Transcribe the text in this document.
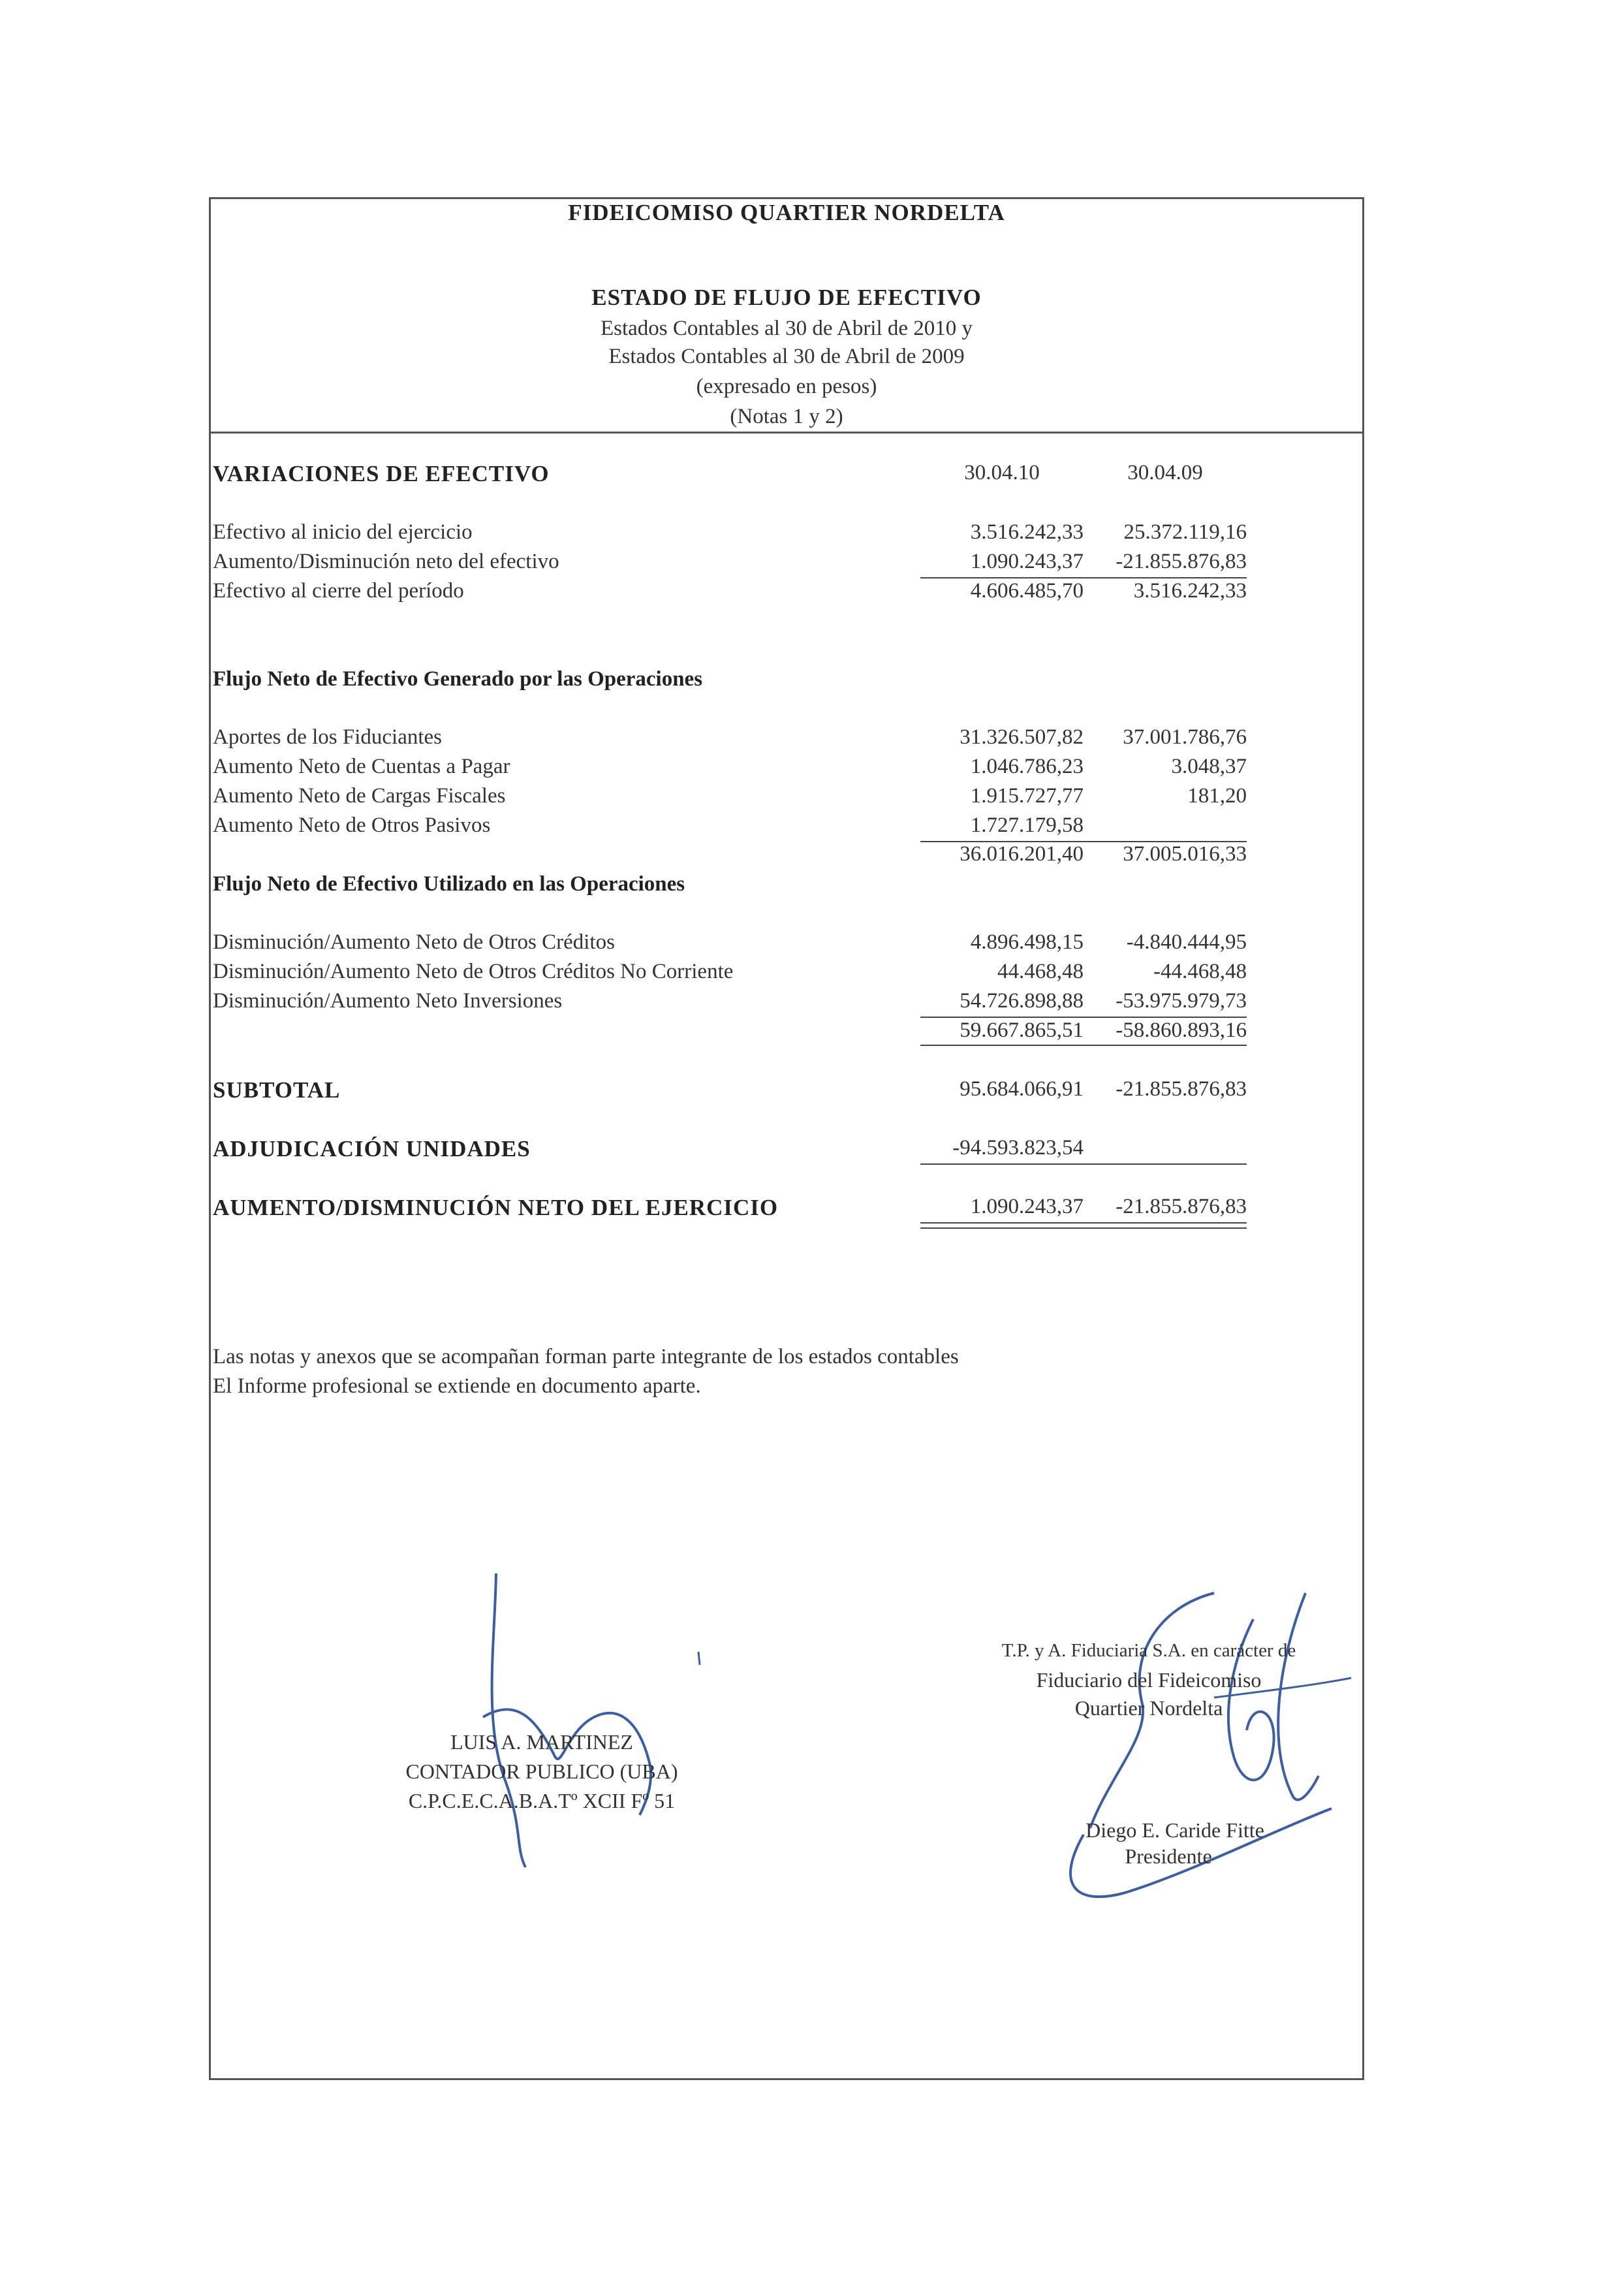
FIDEICOMISO QUARTIER NORDELTA
ESTADO DE FLUJO DE EFECTIVO
Estados Contables al 30 de Abril de 2010 y
Estados Contables al 30 de Abril de 2009
(expresado en pesos)
(Notas 1 y 2)
VARIACIONES DE EFECTIVO	30.04.10	30.04.09
Efectivo al inicio del ejercicio	3.516.242,33	25.372.119,16
Aumento/Disminución neto del efectivo	1.090.243,37	-21.855.876,83
Efectivo al cierre del período	4.606.485,70	3.516.242,33
Flujo Neto de Efectivo Generado por las Operaciones
Aportes de los Fiduciantes	31.326.507,82	37.001.786,76
Aumento Neto de Cuentas a Pagar	1.046.786,23	3.048,37
Aumento Neto de Cargas Fiscales	1.915.727,77	181,20
Aumento Neto de Otros Pasivos	1.727.179,58
36.016.201,40	37.005.016,33
Flujo Neto de Efectivo Utilizado en las Operaciones
Disminución/Aumento Neto de Otros Créditos	4.896.498,15	-4.840.444,95
Disminución/Aumento Neto de Otros Créditos No Corriente	44.468,48	-44.468,48
Disminución/Aumento Neto Inversiones	54.726.898,88	-53.975.979,73
59.667.865,51	-58.860.893,16
SUBTOTAL	95.684.066,91	-21.855.876,83
ADJUDICACIÓN UNIDADES	-94.593.823,54
AUMENTO/DISMINUCIÓN NETO DEL EJERCICIO	1.090.243,37	-21.855.876,83
Las notas y anexos que se acompañan forman parte integrante de los estados contables
El Informe profesional se extiende en documento aparte.
LUIS A. MARTINEZ
CONTADOR PUBLICO (UBA)
C.P.C.E.C.A.B.A.Tº XCII Fº 51
T.P. y A. Fiduciaria S.A. en carácter de
Fiduciario del Fideicomiso
Quartier Nordelta
Diego E. Caride Fitte
Presidente
